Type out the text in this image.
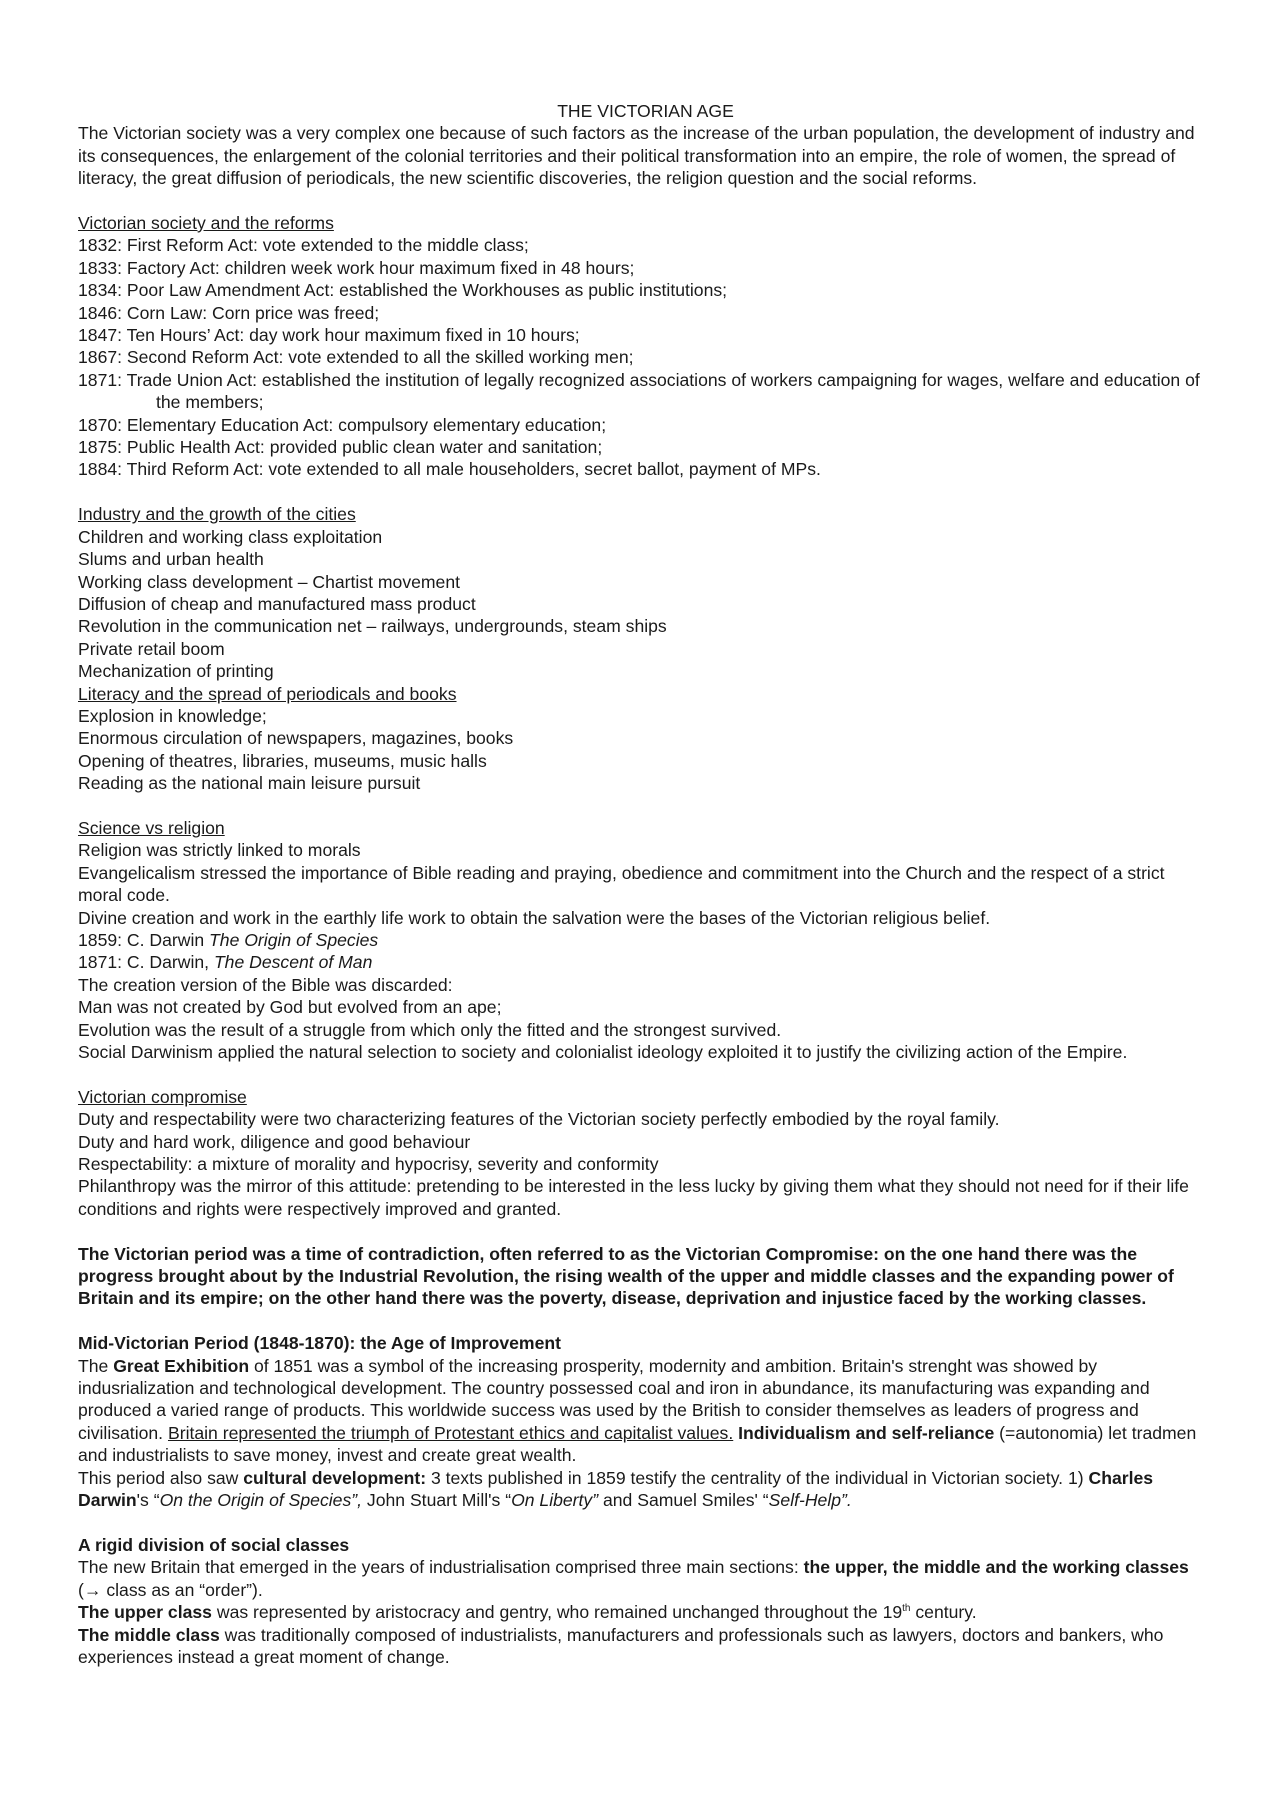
THE VICTORIAN AGE

The Victorian society was a very complex one because of such factors as the increase of the urban population, the development of industry and its consequences, the enlargement of the colonial territories and their political transformation into an empire, the role of women, the spread of literacy, the great diffusion of periodicals, the new scientific discoveries, the religion question and the social reforms.

Victorian society and the reforms

1832: First Reform Act: vote extended to the middle class;

1833: Factory Act: children week work hour maximum fixed in 48 hours;

1834: Poor Law Amendment Act: established the Workhouses as public institutions;

1846: Corn Law: Corn price was freed;

1847: Ten Hours’ Act: day work hour maximum fixed in 10 hours;

1867: Second Reform Act: vote extended to all the skilled working men;

1871: Trade Union Act: established the institution of legally recognized associations of workers campaigning for wages, welfare and education of the members;

1870: Elementary Education Act: compulsory elementary education;

1875: Public Health Act: provided public clean water and sanitation;

1884: Third Reform Act: vote extended to all male householders, secret ballot, payment of MPs.

Industry and the growth of the cities

Children and working class exploitation

Slums and urban health

Working class development – Chartist movement

Diffusion of cheap and manufactured mass product

Revolution in the communication net – railways, undergrounds, steam ships

Private retail boom

Mechanization of printing

Literacy and the spread of periodicals and books

Explosion in knowledge;

Enormous circulation of newspapers, magazines, books

Opening of theatres, libraries, museums, music halls

Reading as the national main leisure pursuit

Science vs religion

Religion was strictly linked to morals

Evangelicalism stressed the importance of Bible reading and praying, obedience and commitment into the Church and the respect of a strict moral code.

Divine creation and work in the earthly life work to obtain the salvation were the bases of the Victorian religious belief.

1859: C. Darwin The Origin of Species

1871: C. Darwin, The Descent of Man

The creation version of the Bible was discarded:

Man was not created by God but evolved from an ape;

Evolution was the result of a struggle from which only the fitted and the strongest survived.

Social Darwinism applied the natural selection to society and colonialist ideology exploited it to justify the civilizing action of the Empire.

Victorian compromise

Duty and respectability were two characterizing features of the Victorian society perfectly embodied by the royal family.

Duty and hard work, diligence and good behaviour

Respectability: a mixture of morality and hypocrisy, severity and conformity

Philanthropy was the mirror of this attitude: pretending to be interested in the less lucky by giving them what they should not need for if their life conditions and rights were respectively improved and granted.

The Victorian period was a time of contradiction, often referred to as the Victorian Compromise: on the one hand there was the progress brought about by the Industrial Revolution, the rising wealth of the upper and middle classes and the expanding power of Britain and its empire; on the other hand there was the poverty, disease, deprivation and injustice faced by the working classes.

Mid-Victorian Period (1848-1870): the Age of Improvement

The Great Exhibition of 1851 was a symbol of the increasing prosperity, modernity and ambition. Britain's strenght was showed by indusrialization and technological development. The country possessed coal and iron in abundance, its manufacturing was expanding and produced a varied range of products. This worldwide success was used by the British to consider themselves as leaders of progress and civilisation. Britain represented the triumph of Protestant ethics and capitalist values. Individualism and self-reliance (=autonomia) let tradmen and industrialists to save money, invest and create great wealth.

This period also saw cultural development: 3 texts published in 1859 testify the centrality of the individual in Victorian society. 1) Charles Darwin's “On the Origin of Species”, John Stuart Mill's “On Liberty” and Samuel Smiles' “Self-Help”.

A rigid division of social classes

The new Britain that emerged in the years of industrialisation comprised three main sections: the upper, the middle and the working classes (→ class as an “order”).

The upper class was represented by aristocracy and gentry, who remained unchanged throughout the 19th century.

The middle class was traditionally composed of industrialists, manufacturers and professionals such as lawyers, doctors and bankers, who experiences instead a great moment of change.
